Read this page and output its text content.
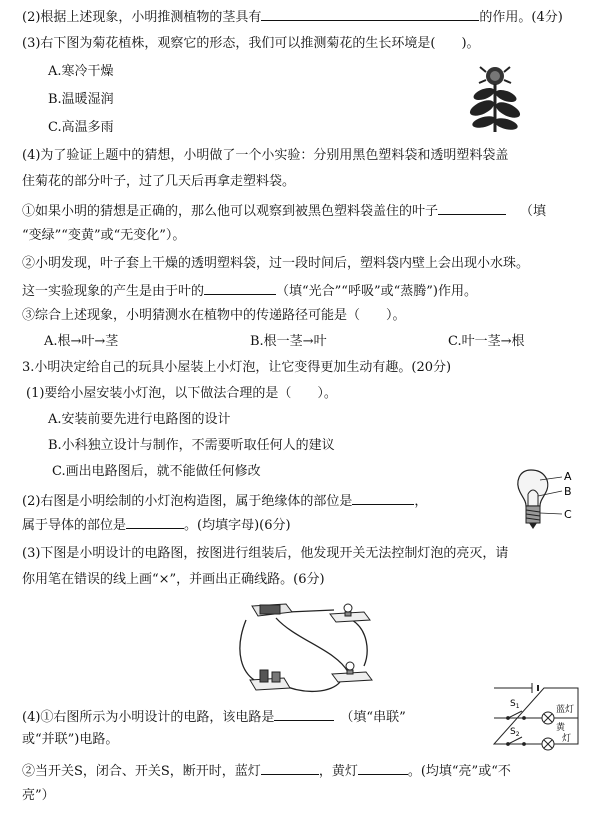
(2)根据上述现象，小明推测植物的茎具有	的作用。(4分)
(3)右下图为菊花植株，观察它的形态，我们可以推测菊花的生长环境是(　　)。
A.寒冷干燥
B.温暖湿润
C.高温多雨
(4)为了验证上题中的猜想，小明做了一个小实验：分别用黑色塑料袋和透明塑料袋盖
住菊花的部分叶子，过了几天后再拿走塑料袋。
①如果小明的猜想是正确的，那么他可以观察到被黑色塑料袋盖住的叶子	（填
“变绿”“变黄”或“无变化”）。
②小明发现，叶子套上干燥的透明塑料袋，过一段时间后，塑料袋内壁上会出现小水珠。
这一实验现象的产生是由于叶的	（填“光合”“呼吸”或“蒸腾”)作用。
③综合上述现象，小明猜测水在植物中的传递路径可能是（　　）。
A.根→叶→茎	B.根一茎→叶	C.叶一茎→根
3.小明决定给自己的玩具小屋装上小灯泡，让它变得更加生动有趣。(20分)
(1)要给小屋安装小灯泡，以下做法合理的是（　　）。
A.安装前要先进行电路图的设计
B.小科独立设计与制作，不需要听取任何人的建议
C.画出电路图后，就不能做任何修改
(2)右图是小明绘制的小灯泡构造图，属于绝缘体的部位是	，
属于导体的部位是	。(均填字母)(6分)
A
B
C
(3)下图是小明设计的电路图，按图进行组装后，他发现开关无法控制灯泡的亮灭，请
你用笔在错误的线上画“×”，并画出正确线路。(6分)
(4)①右图所示为小明设计的电路，该电路是	（填“串联”
或“并联”)电路。
②当开关S，闭合、开关S，断开时，蓝灯	，黄灯	。(均填“亮”或“不
亮”）
$S_1$
$S_2$
蓝灯
黄
灯
